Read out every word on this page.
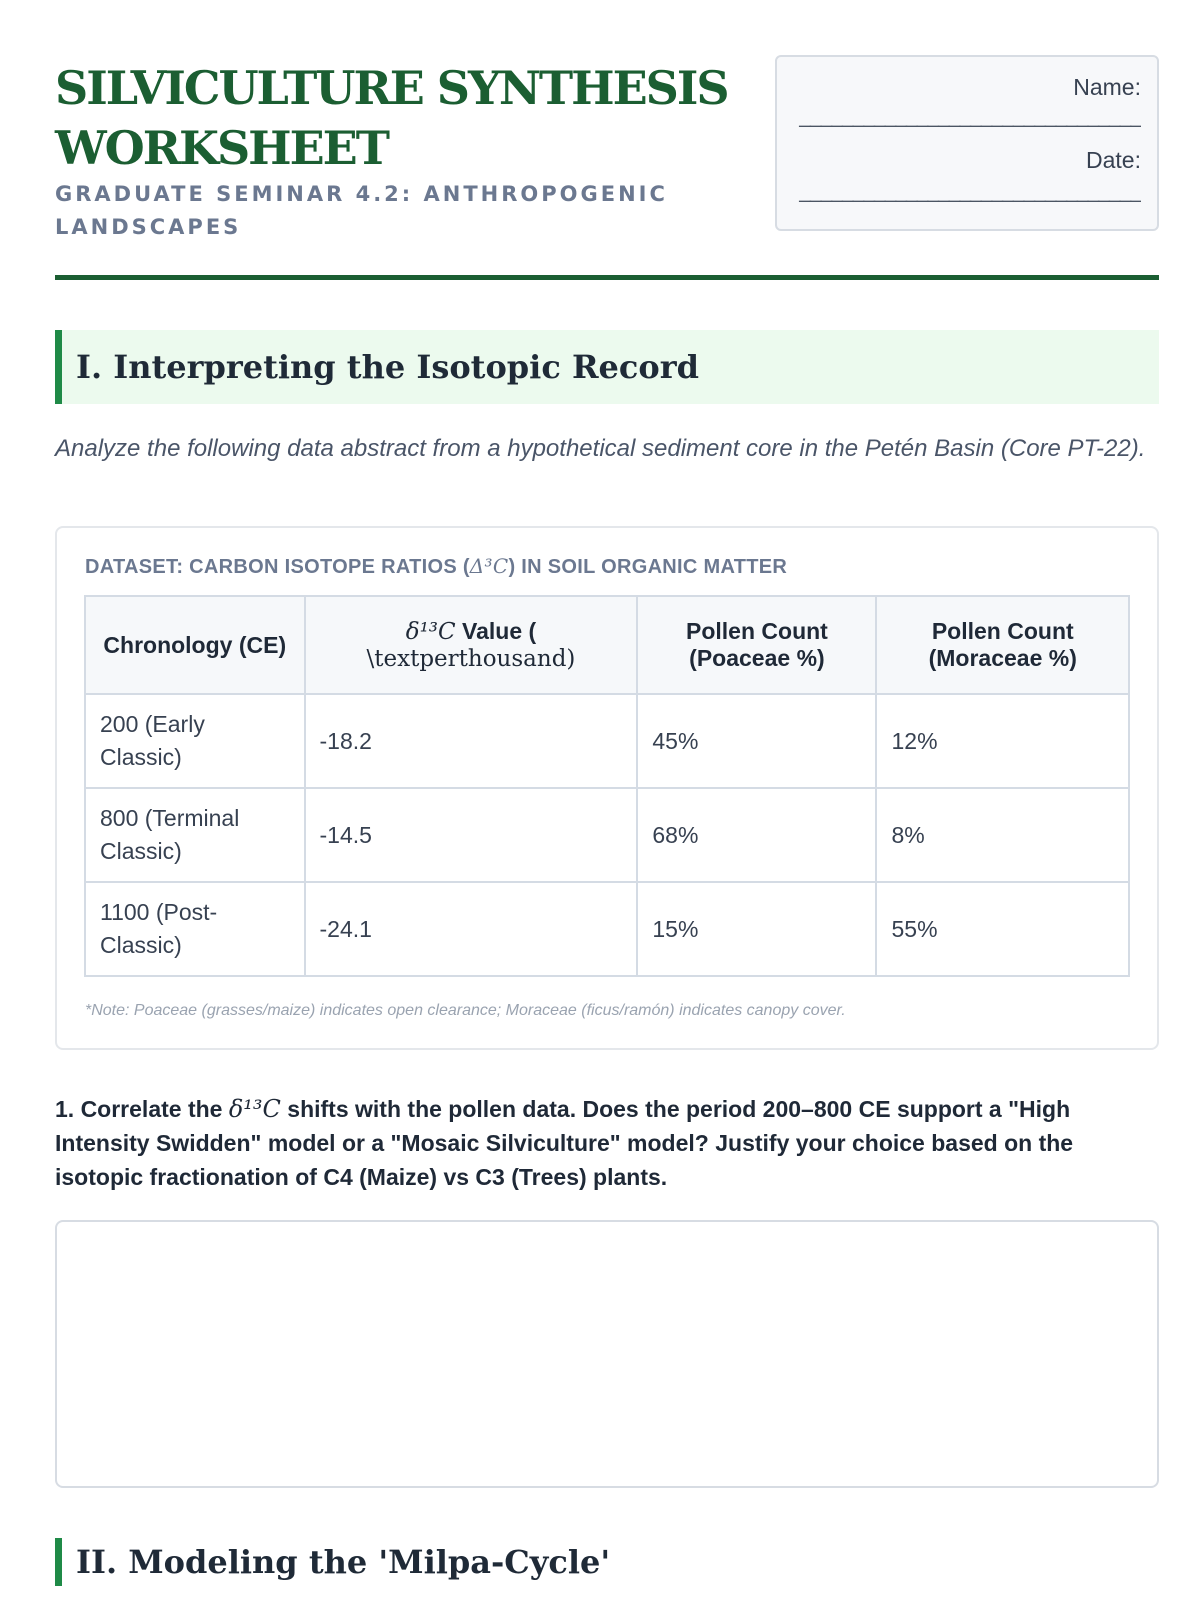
SILVICULTURE SYNTHESIS WORKSHEET
GRADUATE SEMINAR 4.2: ANTHROPOGENIC LANDSCAPES
Name:
________________________________
Date:
________________________________
I. Interpreting the Isotopic Record

Analyze the following data abstract from a hypothetical sediment core in the Petén Basin (Core PT-22).

DATASET: CARBON ISOTOPE RATIOS (Δ³C) IN SOIL ORGANIC MATTER
Chronology (CE)	δ¹³C Value (
\textperthousand)	Pollen Count (Poaceae %)	Pollen Count (Moraceae %)
200 (Early Classic)	-18.2	45%	12%
800 (Terminal Classic)	-14.5	68%	8%
1100 (Post-Classic)	-24.1	15%	55%
*Note: Poaceae (grasses/maize) indicates open clearance; Moraceae (ficus/ramón) indicates canopy cover.

1. Correlate the δ¹³C shifts with the pollen data. Does the period 200–800 CE support a "High Intensity Swidden" model or a "Mosaic Silviculture" model? Justify your choice based on the isotopic fractionation of C4 (Maize) vs C3 (Trees) plants.

II. Modeling the 'Milpa-Cycle'
